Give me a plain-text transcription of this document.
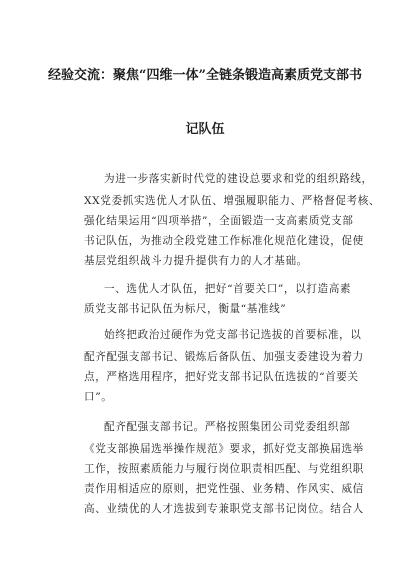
经验交流：聚焦“四维一体”全链条锻造高素质党支部书
记队伍
为进一步落实新时代党的建设总要求和党的组织路线，
XX党委抓实选优人才队伍、增强履职能力、严格督促考核、
强化结果运用“四项举措”，全面锻造一支高素质党支部
书记队伍，为推动全段党建工作标准化规范化建设，促使
基层党组织战斗力提升提供有力的人才基础。
一、选优人才队伍，把好“首要关口”，以打造高素
质党支部书记队伍为标尺，衡量“基准线”
始终把政治过硬作为党支部书记选拔的首要标准，以
配齐配强支部书记、锻炼后备队伍、加强支委建设为着力
点，严格选用程序，把好党支部书记队伍选拔的“首要关
口”。
配齐配强支部书记。严格按照集团公司党委组织部
《党支部换届选举操作规范》要求，抓好党支部换届选举
工作，按照素质能力与履行岗位职责相匹配、与党组织职
责作用相适应的原则，把党性强、业务精、作风实、威信
高、业绩优的人才选拔到专兼职党支部书记岗位。结合人
